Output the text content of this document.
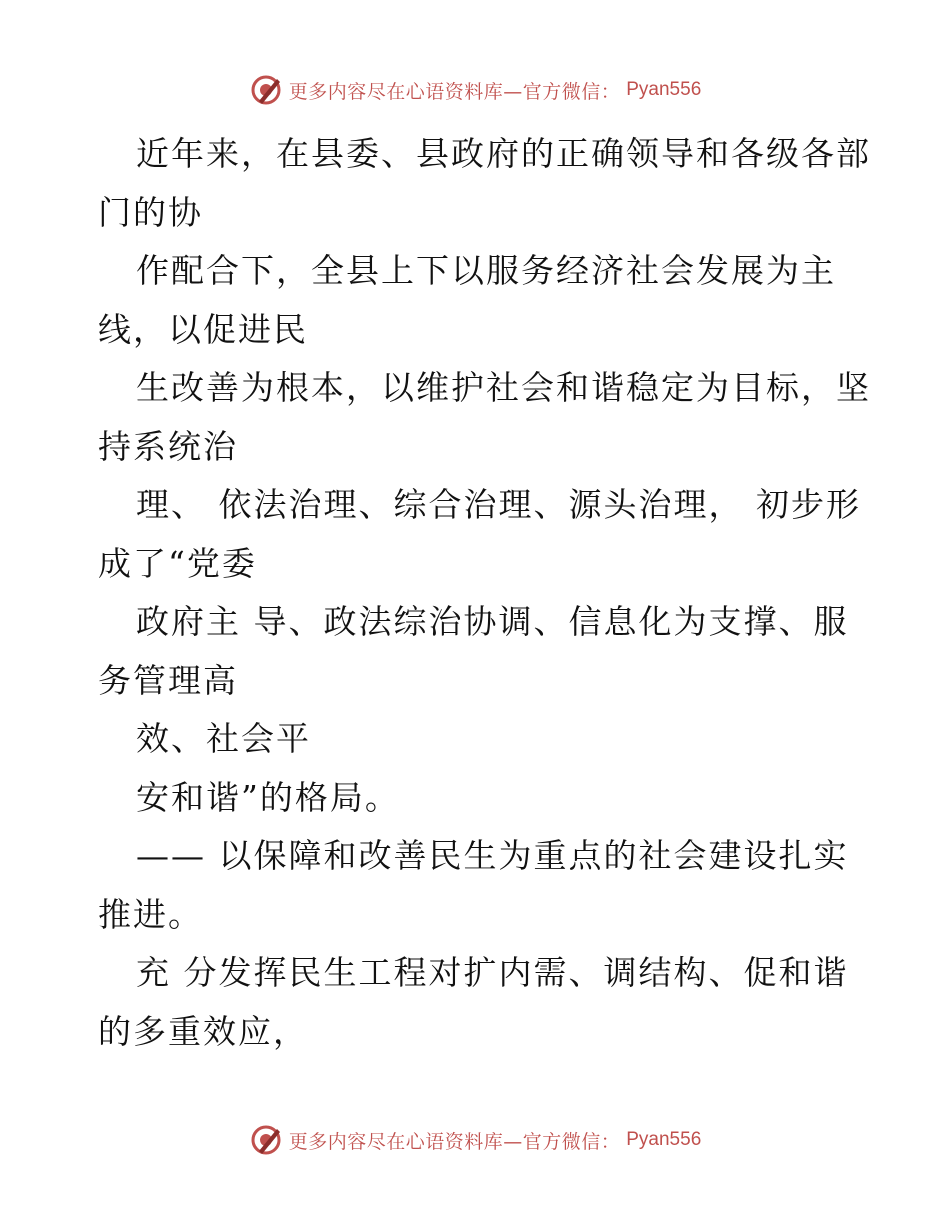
更多内容尽在心语资料库—官方微信： Pyan556
近年来，在县委、县政府的正确领导和各级各部
门的协
作配合下，全县上下以服务经济社会发展为主
线，以促进民
生改善为根本，以维护社会和谐稳定为目标，坚
持系统治
理、 依法治理、综合治理、源头治理， 初步形
成了“党委
政府主 导、政法综治协调、信息化为支撑、服
务管理高
效、社会平
安和谐”的格局。
—— 以保障和改善民生为重点的社会建设扎实
推进。
充 分发挥民生工程对扩内需、调结构、促和谐
的多重效应，
更多内容尽在心语资料库—官方微信： Pyan556
